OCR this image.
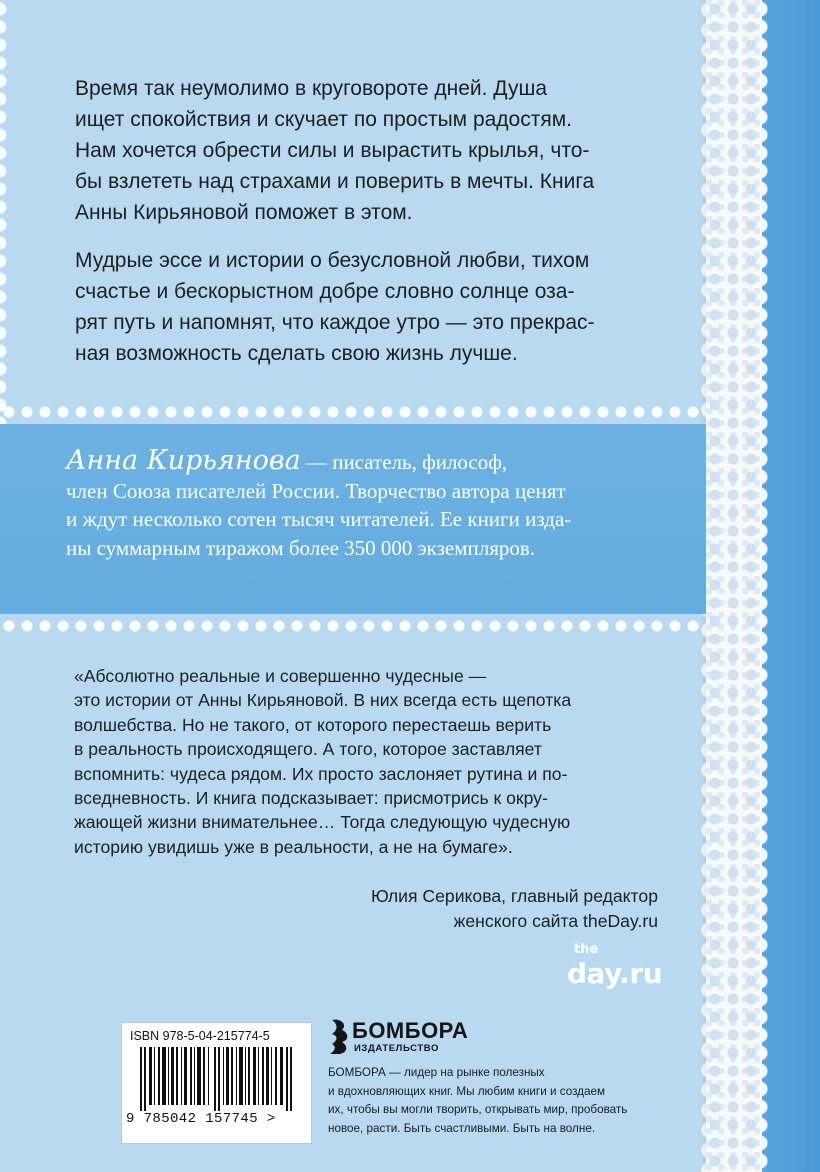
Время так неумолимо в круговороте дней. Душа

ищет спокойствия и скучает по простым радостям.

Нам хочется обрести силы и вырастить крылья, что-

бы взлететь над страхами и поверить в мечты. Книга

Анны Кирьяновой поможет в этом.

Мудрые эссе и истории о безусловной любви, тихом

счастье и бескорыстном добре словно солнце оза-

рят путь и напомнят, что каждое утро — это прекрас-

ная возможность сделать свою жизнь лучше.

Анна Кирьянова — писатель, философ,
член Союза писателей России. Творчество автора ценят
и ждут несколько сотен тысяч читателей. Ее книги изда-
ны суммарным тиражом более 350 000 экземпляров.
«Абсолютно реальные и совершенно чудесные —
это истории от Анны Кирьяновой. В них всегда есть щепотка
волшебства. Но не такого, от которого перестаешь верить
в реальность происходящего. А того, которое заставляет
вспомнить: чудеса рядом. Их просто заслоняет рутина и по-
вседневность. И книга подсказывает: присмотрись к окру-
жающей жизни внимательнее… Тогда следующую чудесную
историю увидишь уже в реальности, а не на бумаге».
Юлия Серикова, главный редактор
женского сайта theDay.ru
the
day.ru
ISBN 978-5-04-215774-5
9 785042 157745 >
БОМБОРА
ИЗДАТЕЛЬСТВО
БОМБОРА — лидер на рынке полезных
и вдохновляющих книг. Мы любим книги и создаем
их, чтобы вы могли творить, открывать мир, пробовать
новое, расти. Быть счастливыми. Быть на волне.
